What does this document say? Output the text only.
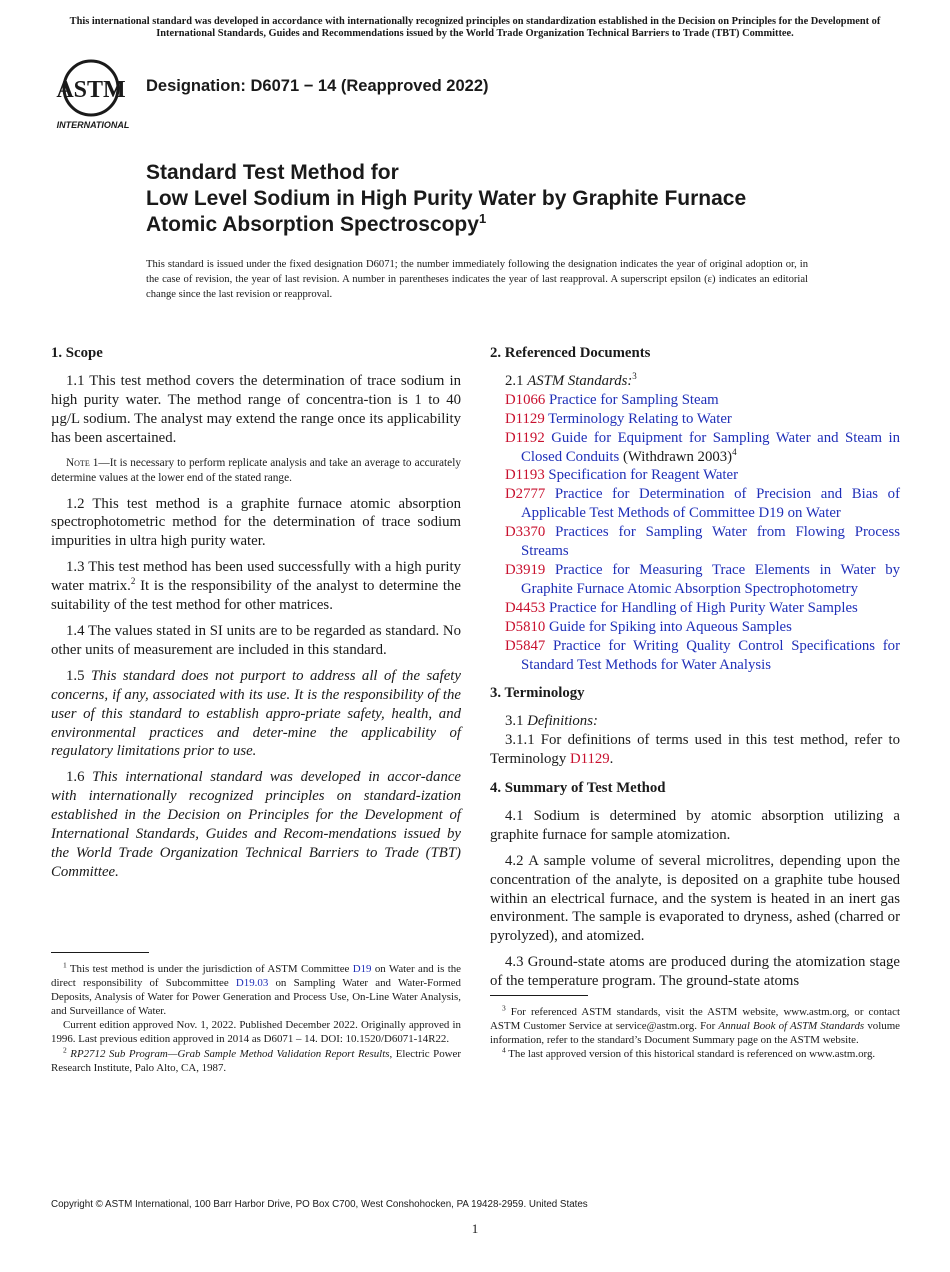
This international standard was developed in accordance with internationally recognized principles on standardization established in the Decision on Principles for the Development of International Standards, Guides and Recommendations issued by the World Trade Organization Technical Barriers to Trade (TBT) Committee.
ASTM
INTERNATIONAL
Designation: D6071 − 14 (Reapproved 2022)
Standard Test Method for
Low Level Sodium in High Purity Water by Graphite Furnace
Atomic Absorption Spectroscopy$^1$
This standard is issued under the fixed designation D6071; the number immediately following the designation indicates the year of original adoption or, in the case of revision, the year of last revision. A number in parentheses indicates the year of last reapproval. A superscript epsilon (ε) indicates an editorial change since the last revision or reapproval.
1. Scope

1.1 This test method covers the determination of trace sodium in high purity water. The method range of concentra-tion is 1 to 40 µg/L sodium. The analyst may extend the range once its applicability has been ascertained.

Note 1—It is necessary to perform replicate analysis and take an average to accurately determine values at the lower end of the stated range.

1.2 This test method is a graphite furnace atomic absorption spectrophotometric method for the determination of trace sodium impurities in ultra high purity water.

1.3 This test method has been used successfully with a high purity water matrix.$^2$ It is the responsibility of the analyst to determine the suitability of the test method for other matrices.

1.4 The values stated in SI units are to be regarded as standard. No other units of measurement are included in this standard.

1.5 This standard does not purport to address all of the safety concerns, if any, associated with its use. It is the responsibility of the user of this standard to establish appro-priate safety, health, and environmental practices and deter-mine the applicability of regulatory limitations prior to use.

1.6 This international standard was developed in accor-dance with internationally recognized principles on standard-ization established in the Decision on Principles for the Development of International Standards, Guides and Recom-mendations issued by the World Trade Organization Technical Barriers to Trade (TBT) Committee.

2. Referenced Documents
2.1 ASTM Standards:$^3$
D1066 Practice for Sampling Steam
D1129 Terminology Relating to Water
D1192 Guide for Equipment for Sampling Water and Steam in Closed Conduits (Withdrawn 2003)$^4$
D1193 Specification for Reagent Water
D2777 Practice for Determination of Precision and Bias of Applicable Test Methods of Committee D19 on Water
D3370 Practices for Sampling Water from Flowing Process Streams
D3919 Practice for Measuring Trace Elements in Water by Graphite Furnace Atomic Absorption Spectrophotometry
D4453 Practice for Handling of High Purity Water Samples
D5810 Guide for Spiking into Aqueous Samples
D5847 Practice for Writing Quality Control Specifications for Standard Test Methods for Water Analysis
3. Terminology
3.1 Definitions:

3.1.1 For definitions of terms used in this test method, refer to Terminology D1129.

4. Summary of Test Method

4.1 Sodium is determined by atomic absorption utilizing a graphite furnace for sample atomization.

4.2 A sample volume of several microlitres, depending upon the concentration of the analyte, is deposited on a graphite tube housed within an electrical furnace, and the system is heated in an inert gas environment. The sample is evaporated to dryness, ashed (charred or pyrolyzed), and atomized.

4.3 Ground-state atoms are produced during the atomization stage of the temperature program. The ground-state atoms

$^1$ This test method is under the jurisdiction of ASTM Committee D19 on Water and is the direct responsibility of Subcommittee D19.03 on Sampling Water and Water-Formed Deposits, Analysis of Water for Power Generation and Process Use, On-Line Water Analysis, and Surveillance of Water.

Current edition approved Nov. 1, 2022. Published December 2022. Originally approved in 1996. Last previous edition approved in 2014 as D6071 – 14. DOI: 10.1520/D6071-14R22.

$^2$ RP2712 Sub Program—Grab Sample Method Validation Report Results, Electric Power Research Institute, Palo Alto, CA, 1987.

$^3$ For referenced ASTM standards, visit the ASTM website, www.astm.org, or contact ASTM Customer Service at service@astm.org. For Annual Book of ASTM Standards volume information, refer to the standard’s Document Summary page on the ASTM website.

$^4$ The last approved version of this historical standard is referenced on www.astm.org.

Copyright © ASTM International, 100 Barr Harbor Drive, PO Box C700, West Conshohocken, PA 19428-2959. United States
1
